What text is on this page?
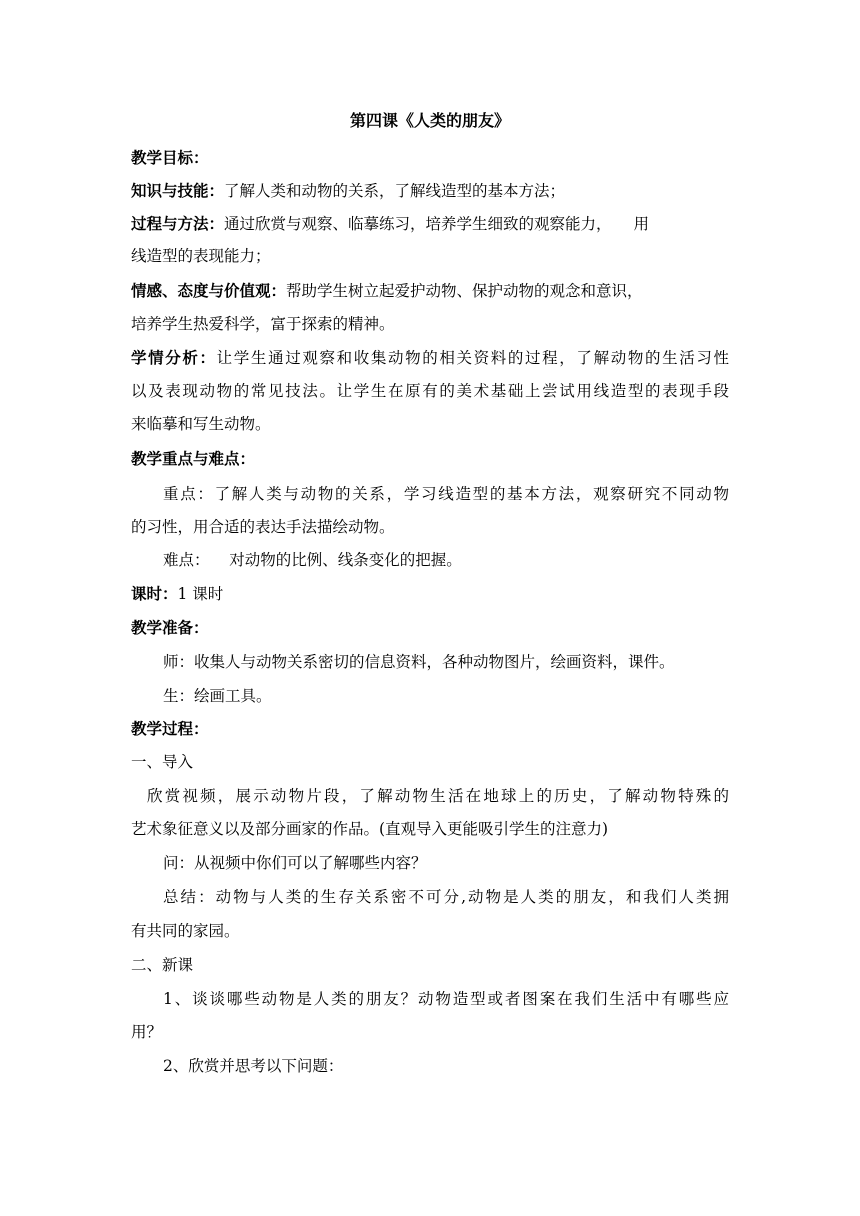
第四课《人类的朋友》
教学目标：
知识与技能：了解人类和动物的关系，了解线造型的基本方法；
过程与方法：通过欣赏与观察、临摹练习，培养学生细致的观察能力， 用
线造型的表现能力；
情感、态度与价值观：帮助学生树立起爱护动物、保护动物的观念和意识，
培养学生热爱科学，富于探索的精神。
学情分析：让学生通过观察和收集动物的相关资料的过程，了解动物的生活习性
以及表现动物的常见技法。让学生在原有的美术基础上尝试用线造型的表现手段
来临摹和写生动物。
教学重点与难点：
重点：了解人类与动物的关系，学习线造型的基本方法，观察研究不同动物
的习性，用合适的表达手法描绘动物。
难点：    对动物的比例、线条变化的把握。
课时：1 课时
教学准备：
师：收集人与动物关系密切的信息资料，各种动物图片，绘画资料，课件。
生：绘画工具。
教学过程：
一、导入
欣赏视频，展示动物片段，了解动物生活在地球上的历史，了解动物特殊的
艺术象征意义以及部分画家的作品。(直观导入更能吸引学生的注意力)
问：从视频中你们可以了解哪些内容？
总结：动物与人类的生存关系密不可分,动物是人类的朋友，和我们人类拥
有共同的家园。
二、新课
1、谈谈哪些动物是人类的朋友？动物造型或者图案在我们生活中有哪些应
用？
2、欣赏并思考以下问题：
